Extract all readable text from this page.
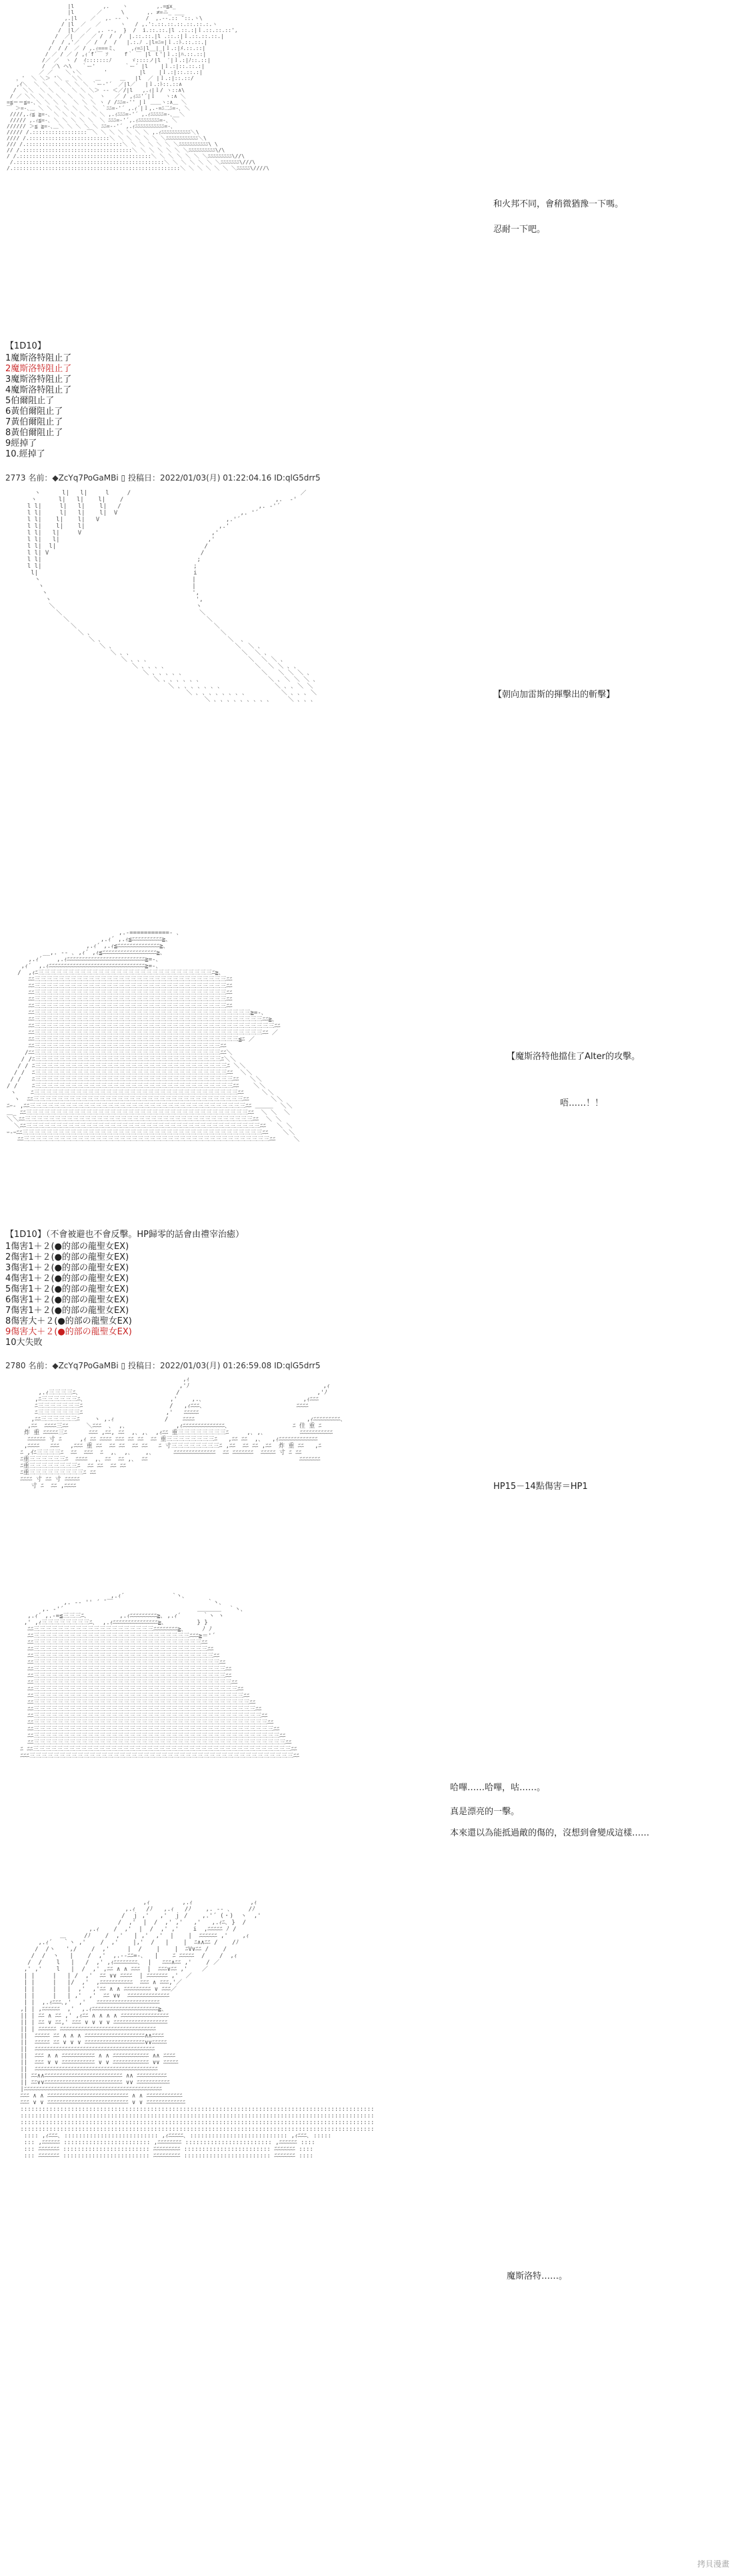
|l         ,.    ヽ         ,.=≦x_
|l       ／      \       ,. ≠=ニ_ ___
,.|l    ／   ,. -‐ ヽ     /  ,.-‐.:: ̄ ::.ヽ\
/ |l  ／   ／      ヽ   / ,.':.::.::.::.::.::.:.ヽ
/  |l／  ／  ,. ‐‐,  }  /  i.::.::.|l .::.:|ｌ.::.::.::',
/  ／|  ／  ／ /  /  /  |.::.::.|l .::.:|ｌ.::.::.::.|
/  / ,'／  ／ /  /  /   |.:.ﾉ .|l=ﾆ=|ｌ.:ﾄ.::.::.|
/  / /  ／ / ,.ｨ===ミ、    ,ｨ=ﾆ|l__|_|ｌ.:|ﾒ.::.::|
/ ／ / ／ / ,ｨ´f´￣ ｿ     f｀ ￣ |l ｔ'|ｌ.:|ﾊ.::.::|
/／ ／  ヽ /  ｲ:::::::ﾉ      ゞ::::ノ|l  ′|ｌ.:|ﾉ::.::|
/  ／\ ヘ\   ｀ー'         ｀ー´ |l    |ｌ.:|::.::.:|
／ ／    ＼ヽ＼       '          |l    |ｌ.:|::.::.:|
，'  ＼ ＼＞ '＼ _ ＼＼    ＿      ＿   |l  ／ |ｌ.:|::.::/
,ｲ＼  ＼ ＼  ＼  ＼ ＼ ＼ ｀ー‐'´  ／|l／   |ｌ.:ﾄ::.::∧
/  ＼＼  ＼ ＼  ＼  ＼ ＼ ＼＞ ‐‐ ＜／/|l   ,.ｨ|ｌ/ ヽ::∧\
/ ／ ＼＼ ＼ ＼ ＼  ＼  ＼ ＼  ヽ   ／ / ,ｨﾆﾆ'´|ｌ   ヽ:∧ ＼
=≦＝＝≦=-､＼ ＼ ＼ ＼  ＼ ＼ ＼ ヽ / /ﾆﾆ=‐'' |ｌ ＿＿ヽ:∧＿ ＼
￣ ＞=-､＿ ＼ ＼ ＼ ＼ ＼  ＼ ＼ ｀ﾆﾆ=‐'´ ,.ｨ´|ｌ,.-=ﾆ二ﾆ=-､ ＼
////,.ｨ≦ ≧=-､ ＼ ＼ ＼ ＼  ＼ ＼ ,.ｨﾆﾆﾆ=‐'´ ,.ｨﾆﾆﾆﾆﾆ=-､__＼
///// ,.ｨ≦=-､ ＼ ＼ ＼ ＼ ＼  ＼ ﾆﾆﾆ=‐'´,.ｨﾆﾆﾆﾆﾆﾆﾆﾆ=-､ ＼
////// ＞≦ ≧=-､＿＼ ＼ ＼ ＼ ＼ ﾆﾆ=-‐'´ ,.ｨﾆﾆﾆﾆﾆﾆﾆﾆﾆﾆﾆ=-､
///// /.:::::::::::::::::￣＼ ＼ ＼ ＼ ＼ ＼ ＼ ,.ｨﾆﾆﾆﾆﾆﾆﾆﾆﾆﾆﾆ＼\
//// /.:::::::::::::::::::::::::＼ ＼ ＼ ＼ ＼ ＼ ＼ﾆﾆﾆﾆﾆﾆﾆﾆﾆﾆﾆﾆ＼\
/// /.::::::::::::::::::::::::::::::＼ ＼ ＼ ＼ ＼ ＼ ＼ﾆﾆﾆﾆﾆﾆﾆﾆﾆﾆﾆ\ \
// /.::::::::::::::::::::::::::::::::::＼ ＼ ＼ ＼ ＼ ＼ ＼ﾆﾆﾆﾆﾆﾆﾆﾆﾆﾆ\/\
/ /.:::::::::::::::::::::::::::::::::::::::::＼ ＼ ＼ ＼ ＼ ＼ ＼ﾆﾆﾆﾆﾆﾆﾆﾆﾆ\//\
/.::::::::::::::::::::::::::::::::::::::::::::::＼ ＼ ＼ ＼ ＼ ＼ ＼ﾆﾆﾆﾆﾆﾆﾆ\///\
/.::::::::::::::::::::::::::::::::::::::::::::::::::::＼ ＼ ＼ ＼ ＼ ＼ ＼ﾆﾆﾆﾆﾆ\////\
和火邦不同，會稍微猶豫一下嗎。
忍耐一下吧。
【1D10】
1魔斯洛特阻止了
2魔斯洛特阻止了
3魔斯洛特阻止了
4魔斯洛特阻止了
5伯爾阻止了
6黃伯爾阻止了
7黃伯爾阻止了
8黃伯爾阻止了
9經掉了
10.經掉了
2773 名前：◆ZcYq7PoGaMBi ▯ 投稿日：2022/01/03(月) 01:22:04.16 ID:qlG5drr5
ヽ      l|   l|     l     /                                               ／
ヽ      l|   l|    l|    /                                          ,.  ‐'
l l|     l|   l|    l|   /                                      ,. ‐'´
l l|     l|   l|    l|  V                                  ,. '´
l l|    l|    l|   V                                   ,.'´
l l|    l|    l|                                     ,.'
l l|   l|     V                                    ,'
l l|   l|                                         ,'
l l|  l|                                         /
l l| V                                          /
l l|                                           ;
l l|                                          ;
l|                                           i
ヽ                                          |
ヽ                                         |
ヽ                                        ',
ヽ                                        ',
＼                                       ヽ
＼                                      ＼
＼                                      ＼
＼                                      ＼
＼ ､                                    ＼
＼ ､                                   ＼  ､
＼ ､                                  ＼  ＼ ､
＼ ､ ､                               ＼  ＼ ､
＼ ､ ､ ､                            ＼  ＼ ＼ ､
＼ ､ ､ ､ ､                         ＼  ＼ ＼ ､ ､
＼ ､ ､ ､ ､ ､                      ＼   ＼ ＼ ＼ ､
＼ ､ ､ ､ ､ ､ ､                   ＼ ､ ＼ ＼ ＼ ､
＼ ､ ､ ､ ､ ､ ､ ､               ＼ ､ ､ ＼ ＼
＼ ､ ､ ､ ､ ､ ､ ､ ､          ＼ ､ ､ ､ ＼
＼ ､ ､ ､ ､ ､ ､ ､ ､ ､     ＼ ､ ､ ､	【朝向加雷斯的揮擊出的斬擊】
,.-===========- ､
,.ｨ´ ,.ｨ≦ﾆﾆﾆﾆﾆﾆﾆﾆﾆﾆ≧､
,.ｨ´ ,.ｨ≦ﾆﾆﾆﾆﾆﾆﾆﾆﾆﾆﾆﾆﾆﾆ≧､
__,. -‐ ､ ,ｨ´ ,ｨ≦ﾆﾆﾆﾆﾆﾆﾆﾆﾆﾆﾆﾆﾆﾆﾆﾆﾆﾆ≧､
,.ｨ´    ,.ｨﾆﾆﾆﾆﾆﾆﾆﾆﾆﾆﾆﾆﾆﾆﾆﾆﾆﾆﾆﾆﾆﾆﾆﾆﾆﾆ≧=-､
,ｨ´  ,.ｨﾆﾆﾆﾆﾆﾆﾆﾆﾆﾆﾆﾆﾆﾆﾆﾆﾆﾆﾆﾆﾆﾆﾆﾆﾆﾆﾆﾆﾆﾆﾆﾆ≧=-､
/  ,ｨﾆ三三三三三三三三三三三三三三三三三三三三三三三三三三三三三ﾆ≧､
ﾆﾆ三三三三三三三三三三三三三三三三三三三三三三三三三三三三三三三三ﾆﾆ
ﾆﾆ三三三三三三三三三三三三三三三三三三三三三三三三三三三三三三三三ﾆﾆ
ﾆﾆ三三三三三三三三三三三三三三三三三三三三三三三三三三三三三三三三ﾆﾆ
ﾆﾆ三三三三三三三三三三三三三三三三三三三三三三三三三三三三三三三三ﾆﾆ
ﾆﾆ三三三三三三三三三三三三三三三三三三三三三三三三三三三三三三三三ﾆﾆ
ﾆﾆ三三三三三三三三三三三三三三三三三三三三三三三三三三三三三三三三三三三三≧=-､
ﾆﾆ三三三三三三三三三三三三三三三三三三三三三三三三三三三三三三三三三三三三三三ﾆﾆ≧､
ﾆﾆ三三三三三三三三三三三三三三三三三三三三三三三三三三三三三三三三三三三三三三三三ﾆﾆ
ﾆﾆ三三三三三三三三三三三三三三三三三三三三三三三三三三三三三三三三三三三三三三ﾆﾆ ／
ﾆﾆ三三三三三三三三三三三三三三三三三三三三三三三三三三三三三三三三三三≦ﾆ ／
ﾆﾆ三三三三三三三三三三三三三三三三三三三三三三三三三三三三三三三ﾆﾆ
/ﾆﾆ三三三三三三三三三三三三三三三三三三三三三三三三三三三三三三三ﾆﾆ＼
/ /ﾆ三三三三三三三三三三三三三三三三三三三三三三三三三三三三三三三ﾆ＼＼
/ / ﾆ三三三三三三三三三三三三三三三三三三三三三三三三三三三三三三三三ﾆ ＼＼
/ /  ﾆ三三三三三三三三三三三三三三三三三三三三三三三三三三三三三三三三ﾆﾆ  ＼＼
/ /   ﾆ三三三三三三三三三三三三三三三三三三三三三三三三三三三三三三三三三ﾆﾆ   ＼＼
/ /    ﾆ三三三三三三三三三三三三三三三三三三三三三三三三三三三三三三三三三ﾆﾆ    ＼＼
ヽ    ﾆ三三三三三三三三三三三三三三三三三三三三三三三三三三三三三三三三三三ﾆﾆ     ＼＼
ヽ  ﾆﾆ三三三三三三三三三三三三三三三三三三三三三三三三三三三三三三三三三三三ﾆﾆ      ＼＼
ﾆｰ- ,ﾆﾆ三三三三三三三三三三三三三三三三三三三三三三三三三三三三三三三三三三三三ﾆﾆ ＿＿＿  ＼＼
＿_ ﾆﾆ三三三三三三三三三三三三三三三三三三三三三三三三三三三三三三三三三三三三三ﾆﾆ  ＼ ＼  ＼
＼＼ﾆﾆ三三三三三三三三三三三三三三三三三三三三三三三三三三三三三三三三三三三三三三ﾆﾆ  ＼ ＼
＼ﾆﾆ三三三三三三三三三三三三三三三三三三三三三三三三三三三三三三三三三三三三三三三ﾆﾆ   ＼ ＼
ｰ-ｰﾆﾆ三三三三三三三三三三三三三三三三三三三三三三三三三三三三三三三三三三三三三三三三ﾆﾆ    ＼＼
ﾆﾆ三三三三三三三三三三三三三三三三三三三三三三三三三三三三三三三三三三三三三三三三三ﾆﾆ     ＼
【魔斯洛特他擋住了Alter的攻擊。
唔……！！
【1D10】（不會被避也不會反擊。HP歸零的話會由禮宰治癒）
1傷害1＋２(●的部の龍聖女EX)
2傷害1＋２(●的部の龍聖女EX)
3傷害1＋２(●的部の龍聖女EX)
4傷害1＋２(●的部の龍聖女EX)
5傷害1＋２(●的部の龍聖女EX)
6傷害1＋２(●的部の龍聖女EX)
7傷害1＋２(●的部の龍聖女EX)
8傷害大＋２(●的部の龍聖女EX)
9傷害大＋２(●的部の龍聖女EX)
10大失敗
2780 名前：◆ZcYq7PoGaMBi ▯ 投稿日：2022/01/03(月) 01:26:59.08 ID:qlG5drr5
,ｨ
,'ﾉ                                     ,ｨ
,.ｨ三三三三ﾆ､                           /                                      ,'ﾉ
,ﾆ三三三三三三ﾆ､                        ,'    ,.､                            ,ｨﾆﾆﾆ
ﾆ三三三三三三三ﾆ                        /   ,ｨﾆﾆﾆ､                          ﾆﾆﾆﾆ
ﾆ三三三三三三三ﾆ                       ,'   ﾆﾆﾆﾆﾆ
,ﾆﾆ三三三三三三ﾆ    ヽ ,.ｨ              /    ﾆﾆﾆﾆ                               ,ｨﾆﾆﾆﾆﾆﾆﾆﾆﾆ､
,ﾆﾆ  ﾆﾆﾆﾆ三ﾆﾆ     ＼ﾆﾆﾆ  ､  ,､              ,ｨﾆﾆﾆﾆﾆﾆﾆﾆﾆﾆﾆﾆﾆﾆ､                  ﾆ 佳 重 ﾆ
炸 重 ﾆﾆﾆﾆﾆ三ﾆ      ﾆﾆﾆ ,ﾆﾆ, ﾆﾆ  ,､ ,､  ,ｨﾆﾆ 重三三三三三三三三ﾆ     ,､ ,､          ﾆﾆﾆﾆﾆﾆﾆﾆﾆﾆﾆ
ﾆﾆﾆﾆﾆﾆ 寸 ﾆ     ,ｨ ﾆﾆ ﾆﾆﾆﾆ ﾆﾆﾆ ﾆﾆ ﾆﾆ  ﾆﾆ 重三三三三三三三三ﾆ   ,ﾆﾆ ﾆﾆ  ,､   ,ｨﾆﾆﾆﾆﾆﾆﾆﾆﾆﾆﾆﾆﾆ
,ﾆﾆﾆﾆ   ﾆﾆﾆ   ,ﾆﾆﾆ 重 ﾆﾆ  ﾆﾆ ﾆﾆ  ﾆﾆ ﾆﾆ   ﾆ 寸三三三三三三三三ﾆ ,ﾆﾆ  ﾆﾆ ﾆﾆ ,ﾆﾆ  炸 重 ﾆﾆ   ,ﾆ
ﾆ ,ｲﾆ三三三三ﾆ  ﾆﾆ  ﾆﾆﾆ  ﾆ  ,､  ,､    ,､      ﾆﾆﾆﾆﾆﾆﾆﾆﾆﾆﾆﾆﾆﾆ  ﾆﾆ ﾆﾆﾆﾆﾆﾆﾆ  ﾆﾆﾆﾆﾆ 寸 ﾆ ﾆﾆ
ﾆ重三三三三三三ﾆ  ﾆﾆﾆﾆ  ,､ ﾆﾆ  ﾆﾆ ,､  ﾆﾆ                                          ﾆﾆﾆﾆﾆﾆﾆ
ﾆ重三三三三三三三三ﾆ  ﾆﾆ ﾆﾆ  ﾆﾆ ﾆﾆ
ﾆ重三三三三三三三三三ﾆ ﾆﾆ
ﾆﾆﾆﾆ 寸 ﾆﾆ 寸 ﾆﾆﾆﾆﾆ
寸 ﾆ  ﾆﾆ ,ﾆﾆﾆﾆ	HP15－14點傷害＝HP1
,.ｨ´￣￣￣￣￣￣￣￣`ヽ､
,. -‐ '' ´ ̄ ￣                          ｀ヽ､
,. ‐'´                                     ＿＿＿＿  ｀ヽ､
,.ｨ´ ,.-=≦三三三ﾆ､         ,.ｨﾆﾆﾆﾆﾆﾆﾆﾆﾆ≧､ ,.ｨ´      ｀ヽ ヽ
,' ,ｨ三三三三三三三三ﾆ､  ,.ｨﾆﾆﾆﾆﾆﾆﾆﾆﾆﾆﾆﾆﾆﾆﾆ≧､         } }
ﾆﾆ三三三三三三三三三三三三三三三三三三三三ﾆﾆﾆﾆﾆﾆﾆﾆ≧､     ﾉ ﾉ
ﾆﾆ三三三三三三三三三三三三三三三三三三三三三三三三三三ﾆﾆﾆ≧＝'´
ﾆﾆ三三三三三三三三三三三三三三三三三三三三三三三三三三三三ﾆﾆ
ﾆﾆ三三三三三三三三三三三三三三三三三三三三三三三三三三三三三ﾆﾆ
ﾆﾆ三三三三三三三三三三三三三三三三三三三三三三三三三三三三三三ﾆﾆ
ﾆﾆ三三三三三三三三三三三三三三三三三三三三三三三三三三三三三三三ﾆﾆ
ﾆﾆ三三三三三三三三三三三三三三三三三三三三三三三三三三三三三三三三ﾆﾆ
ﾆﾆ三三三三三三三三三三三三三三三三三三三三三三三三三三三三三三三三ﾆﾆ
ﾆﾆ三三三三三三三三三三三三三三三三三三三三三三三三三三三三三三三三三ﾆﾆ
ﾆﾆ三三三三三三三三三三三三三三三三三三三三三三三三三三三三三三三三三三ﾆﾆ
ﾆﾆ三三三三三三三三三三三三三三三三三三三三三三三三三三三三三三三三三三三ﾆﾆ
ﾆﾆ三三三三三三三三三三三三三三三三三三三三三三三三三三三三三三三三三三三三ﾆﾆ
ﾆﾆ三三三三三三三三三三三三三三三三三三三三三三三三三三三三三三三三三三三三三ﾆﾆ
ﾆﾆ三三三三三三三三三三三三三三三三三三三三三三三三三三三三三三三三三三三三三三ﾆﾆ
ﾆﾆ三三三三三三三三三三三三三三三三三三三三三三三三三三三三三三三三三三三三三三三ﾆﾆ
ﾆﾆ三三三三三三三三三三三三三三三三三三三三三三三三三三三三三三三三三三三三三三三三ﾆﾆ
ﾆﾆ三三三三三三三三三三三三三三三三三三三三三三三三三三三三三三三三三三三三三三三三三ﾆﾆ
ﾆﾆ三三三三三三三三三三三三三三三三三三三三三三三三三三三三三三三三三三三三三三三三三三ﾆﾆ
ﾆ ﾆﾆ三三三三三三三三三三三三三三三三三三三三三三三三三三三三三三三三三三三三三三三三三三三ﾆﾆ
ﾆﾆﾆ三三三三三三三三三三三三三三三三三三三三三三三三三三三三三三三三三三三三三三三三三三三三ﾆﾆ
哈嗶……哈嗶，咕……。
真是漂亮的一擊。
本來還以為能抵過敵的傷的，沒想到會變成這樣……
,ｨ         ,.ｨ                ,ｨ
,.ｨ   /ﾉ   ,.ｨ   /ﾉ    ,. ‐‐ ､     /ﾉ
/  ｊ ,'   ,'  ｊ /    ,.'´ (・)  ヽ  ,'
/  ,'  |  /  ,' ,'   ,'   ,.ｨﾆ､ }  /
,.ｨ    /  ,'  |  /  ,' ,'    i  ,ﾆﾆﾆﾆﾆ ﾉ /
＿     /ﾉ    /  ,'   | ,'  ,'  |    |  ﾆﾆﾆﾆﾆﾆ ,'    ,ｨ
,.ｨ´   ｀ヽ ,'    /  ,'    |,'  /   |    |  ﾆ∧∧ﾆﾆ /    /ﾉ
/  /ヽ   ',/    /  ,'     |  /    |    |  ﾆV∨ﾆﾆ /    /
/  /  ヽ   |    /  ,'  ,.-‐ﾆﾆ=-､   |    ﾆ ﾆﾆﾆﾆﾆ  /    /  ,ｨ
/  /    l   |   /  ,' ,ｨﾆﾆﾆﾆﾆﾆﾆﾆ､  |   ﾆﾆﾆ∧ﾆﾆ ,'    / ／
,' ,'    l   |  /  ,' ,ﾆﾆ ∧ ∧ ﾆﾆﾆ  |  ﾆﾆﾆ∨ﾆﾆ ,'    ／
| |     |   | /  ,'  ﾆﾆ ∨∨ ﾆﾆﾆﾆ  | ﾆﾆﾆﾆﾆﾆﾆ ,'  ／
| |     |   |/  ,'  ,ﾆﾆﾆﾆﾆﾆﾆﾆﾆﾆﾆ  ﾆﾆﾆ ∧ ﾆﾆﾆ,'／
| |     |   |  ,'  ,'ﾆﾆ ∧ ∧ ﾆﾆﾆﾆﾆﾆﾆﾆﾆ ∨ ﾆﾆﾆ／
| |     |   | ,'  ,'  ﾆﾆ ∨∨  ﾆﾆﾆﾆﾆﾆﾆﾆﾆﾆﾆﾆﾆﾆ
| |  ,.ｨﾆﾆﾆ､,'  ,'   ﾆﾆﾆﾆﾆﾆﾆﾆﾆﾆﾆﾆﾆﾆﾆﾆﾆﾆﾆﾆﾆ
,| | ,ﾆﾆﾆﾆﾆﾆ  ,'  ,.ｨﾆﾆﾆﾆﾆﾆﾆﾆﾆﾆﾆﾆﾆﾆﾆﾆﾆﾆﾆﾆﾆﾆ≧､
|| | ﾆﾆ ∧ ﾆﾆ ,' ,ｨﾆﾆ ∧ ∧ ∧ ∧ ﾆﾆﾆﾆﾆﾆﾆﾆﾆﾆﾆﾆﾆﾆﾆﾆ
|| | ﾆﾆ ∨ ﾆﾆ,' ﾆﾆﾆ ∨ ∨ ∨ ∨ ﾆﾆﾆﾆﾆﾆﾆﾆﾆﾆﾆﾆﾆﾆﾆﾆﾆﾆ
|| | ﾆﾆﾆﾆﾆﾆ ﾆﾆﾆﾆﾆﾆﾆﾆﾆﾆﾆﾆﾆﾆﾆﾆﾆﾆﾆﾆﾆﾆﾆﾆﾆﾆﾆﾆﾆﾆﾆﾆ
||  ﾆﾆﾆﾆﾆ ﾆﾆ ∧ ∧ ∧ ﾆﾆﾆﾆﾆﾆﾆﾆﾆﾆﾆﾆﾆﾆﾆﾆﾆﾆﾆﾆ∧∧ﾆﾆﾆﾆ
||  ﾆﾆﾆﾆﾆ ﾆﾆ ∨ ∨ ∨ ﾆﾆﾆﾆﾆﾆﾆﾆﾆﾆﾆﾆﾆﾆﾆﾆﾆﾆﾆﾆ∨∨ﾆﾆﾆﾆﾆ
||  ﾆﾆﾆﾆﾆﾆﾆﾆﾆﾆﾆﾆﾆﾆﾆﾆﾆﾆﾆﾆﾆﾆﾆﾆﾆﾆﾆﾆﾆﾆﾆﾆﾆﾆﾆﾆﾆﾆﾆﾆ
||  ﾆﾆﾆ ∧ ∧ ﾆﾆﾆﾆﾆﾆﾆﾆﾆﾆﾆ ∧ ∧ ﾆﾆﾆﾆﾆﾆﾆﾆﾆﾆﾆﾆ ∧∧ ﾆﾆﾆﾆ
||  ﾆﾆﾆ ∨ ∨ ﾆﾆﾆﾆﾆﾆﾆﾆﾆﾆﾆ ∨ ∨ ﾆﾆﾆﾆﾆﾆﾆﾆﾆﾆﾆﾆ ∨∨ ﾆﾆﾆﾆﾆ
||  ﾆﾆﾆﾆﾆﾆﾆﾆﾆﾆﾆﾆﾆﾆﾆﾆﾆﾆﾆﾆﾆﾆﾆﾆﾆﾆﾆﾆﾆﾆﾆﾆﾆﾆﾆﾆﾆﾆﾆﾆﾆ
|| ﾆﾆ∧∧ﾆﾆﾆﾆﾆﾆﾆﾆﾆﾆﾆﾆﾆﾆﾆﾆﾆﾆﾆﾆﾆﾆﾆﾆﾆﾆ ∧∧ ﾆﾆﾆﾆﾆﾆﾆﾆﾆﾆ
|| ﾆﾆ∨∨ﾆﾆﾆﾆﾆﾆﾆﾆﾆﾆﾆﾆﾆﾆﾆﾆﾆﾆﾆﾆﾆﾆﾆﾆﾆﾆ ∨∨ ﾆﾆﾆﾆﾆﾆﾆﾆﾆﾆﾆ
|ﾆﾆﾆﾆﾆﾆﾆﾆﾆﾆﾆﾆﾆﾆﾆﾆﾆﾆﾆﾆﾆﾆﾆﾆﾆﾆﾆﾆﾆﾆﾆﾆﾆﾆﾆﾆﾆﾆﾆﾆﾆﾆﾆﾆﾆﾆ
ﾆﾆﾆ ∧ ∧ ﾆﾆﾆﾆﾆﾆﾆﾆﾆﾆﾆﾆﾆﾆﾆﾆﾆﾆﾆﾆﾆﾆﾆﾆﾆﾆﾆ ∧ ∧ ﾆﾆﾆﾆﾆﾆﾆﾆﾆﾆﾆﾆ
ﾆﾆﾆ ∨ ∨ ﾆﾆﾆﾆﾆﾆﾆﾆﾆﾆﾆﾆﾆﾆﾆﾆﾆﾆﾆﾆﾆﾆﾆﾆﾆﾆﾆ ∨ ∨ ﾆﾆﾆﾆﾆﾆﾆﾆﾆﾆﾆﾆﾆ
::::::::::::::::::::::::::::::::::::::::::::::::::::::::::::::::::::::::::::::::::::::::::::::::::
::::::::::::::::::::::::::::::::::::::::::::::::::::::::::::::::::::::::::::::::::::::::::::::::::
::::::::::::::::::::::::::::::::::::::::::::::::::::::::::::::::::::::::::::::::::::::::::::::::::
::::::::::::::::::::::::::::::::::::::::::::::::::::::::::::::::::::::::::::::::::::::::::::::::::
:::: ,ｨﾆﾆﾆ､ :::::::::::::::::::::::::: ,ｨﾆﾆﾆﾆﾆ､ ::::::::::::::::::::::::::: ,ｨﾆﾆﾆ､ :::::
::: ,ﾆﾆﾆﾆﾆﾆ :::::::::::::::::::::::: ,ﾆﾆﾆﾆﾆﾆﾆﾆ :::::::::::::::::::::::: ,ﾆﾆﾆﾆﾆﾆ ::::
::: ﾆﾆﾆﾆﾆﾆﾆ :::::::::::::::::::::::: ﾆﾆﾆﾆﾆﾆﾆﾆﾆ :::::::::::::::::::::::: ﾆﾆﾆﾆﾆﾆﾆ ::::
::: ﾆﾆﾆﾆﾆﾆﾆ :::::::::::::::::::::::: ﾆﾆﾆﾆﾆﾆﾆﾆﾆ :::::::::::::::::::::::: ﾆﾆﾆﾆﾆﾆﾆ ::::
魔斯洛特……。
拷貝漫畫
